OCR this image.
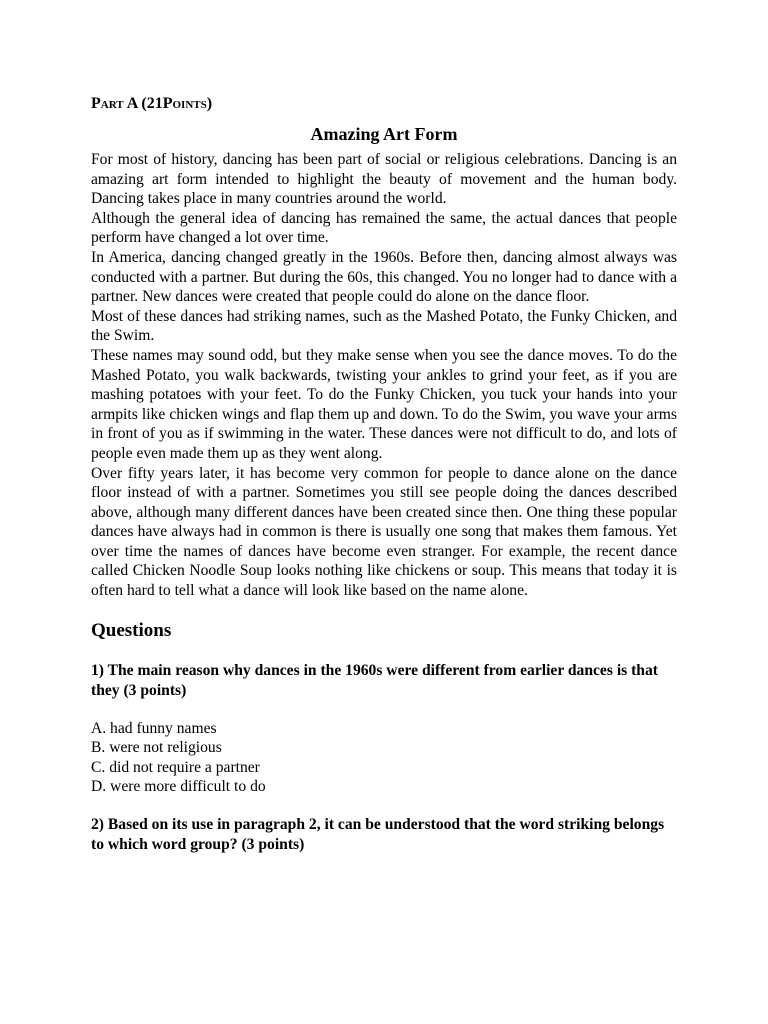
Part A (21Points)
Amazing Art Form

For most of history, dancing has been part of social or religious celebrations. Dancing is an amazing art form intended to highlight the beauty of movement and the human body. Dancing takes place in many countries around the world.

Although the general idea of dancing has remained the same, the actual dances that people perform have changed a lot over time.

In America, dancing changed greatly in the 1960s. Before then, dancing almost always was conducted with a partner. But during the 60s, this changed. You no longer had to dance with a partner. New dances were created that people could do alone on the dance floor.

Most of these dances had striking names, such as the Mashed Potato, the Funky Chicken, and the Swim.

These names may sound odd, but they make sense when you see the dance moves. To do the Mashed Potato, you walk backwards, twisting your ankles to grind your feet, as if you are mashing potatoes with your feet. To do the Funky Chicken, you tuck your hands into your armpits like chicken wings and flap them up and down. To do the Swim, you wave your arms in front of you as if swimming in the water. These dances were not difficult to do, and lots of people even made them up as they went along.

Over fifty years later, it has become very common for people to dance alone on the dance floor instead of with a partner. Sometimes you still see people doing the dances described above, although many different dances have been created since then. One thing these popular dances have always had in common is there is usually one song that makes them famous. Yet over time the names of dances have become even stranger. For example, the recent dance called Chicken Noodle Soup looks nothing like chickens or soup. This means that today it is often hard to tell what a dance will look like based on the name alone.

Questions

1) The main reason why dances in the 1960s were different from earlier dances is that they (3 points)

A. had funny names
B. were not religious
C. did not require a partner
D. were more difficult to do

2) Based on its use in paragraph 2, it can be understood that the word striking belongs to which word group? (3 points)
